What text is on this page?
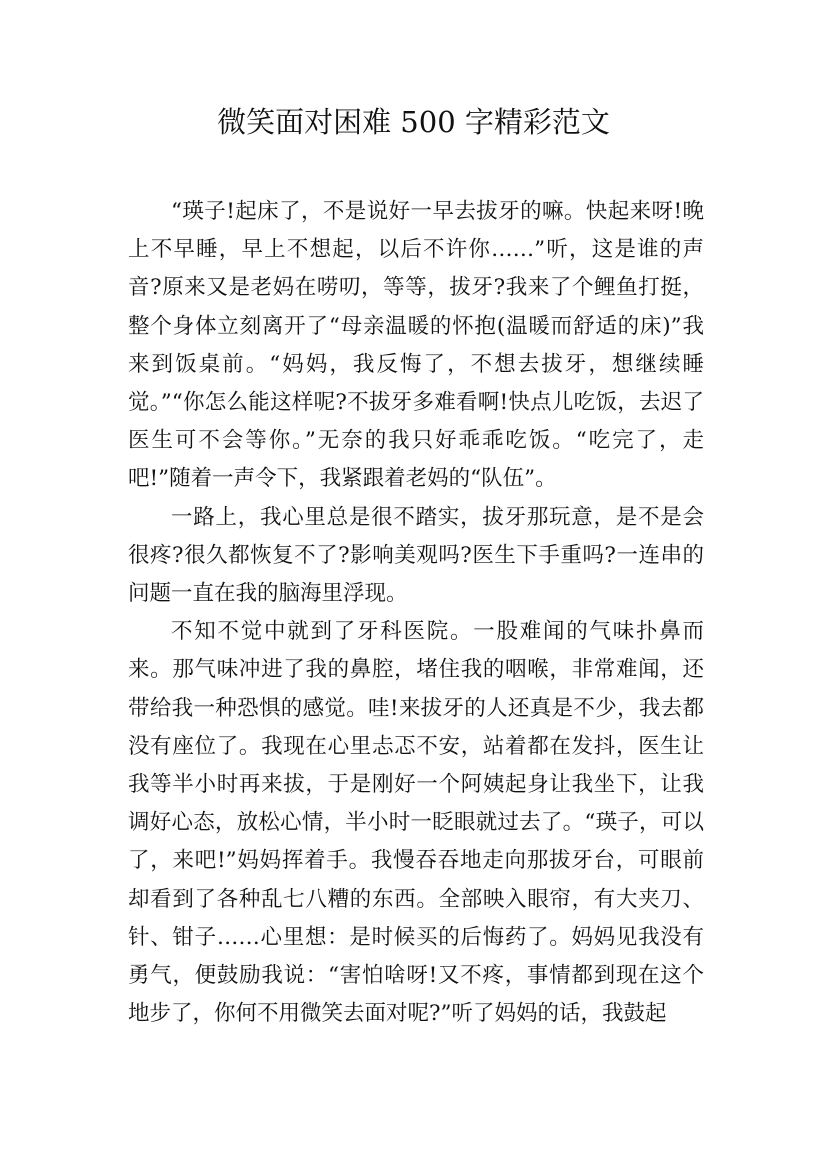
微笑面对困难 500 字精彩范文

“瑛子!起床了，不是说好一早去拔牙的嘛。快起来呀!晚上不早睡，早上不想起，以后不许你……”听，这是谁的声音?原来又是老妈在唠叨，等等，拔牙?我来了个鲤鱼打挺，整个身体立刻离开了“母亲温暖的怀抱(温暖而舒适的床)”我来到饭桌前。“妈妈，我反悔了，不想去拔牙，想继续睡觉。”“你怎么能这样呢?不拔牙多难看啊!快点儿吃饭，去迟了医生可不会等你。”无奈的我只好乖乖吃饭。“吃完了，走吧!”随着一声令下，我紧跟着老妈的“队伍”。

一路上，我心里总是很不踏实，拔牙那玩意，是不是会很疼?很久都恢复不了?影响美观吗?医生下手重吗?一连串的问题一直在我的脑海里浮现。

不知不觉中就到了牙科医院。一股难闻的气味扑鼻而来。那气味冲进了我的鼻腔，堵住我的咽喉，非常难闻，还带给我一种恐惧的感觉。哇!来拔牙的人还真是不少，我去都没有座位了。我现在心里忐忑不安，站着都在发抖，医生让我等半小时再来拔，于是刚好一个阿姨起身让我坐下，让我调好心态，放松心情，半小时一眨眼就过去了。“瑛子，可以了，来吧!”妈妈挥着手。我慢吞吞地走向那拔牙台，可眼前却看到了各种乱七八糟的东西。全部映入眼帘，有大夹刀、针、钳子……心里想：是时候买的后悔药了。妈妈见我没有勇气，便鼓励我说：“害怕啥呀!又不疼，事情都到现在这个地步了，你何不用微笑去面对呢?”听了妈妈的话，我鼓起
